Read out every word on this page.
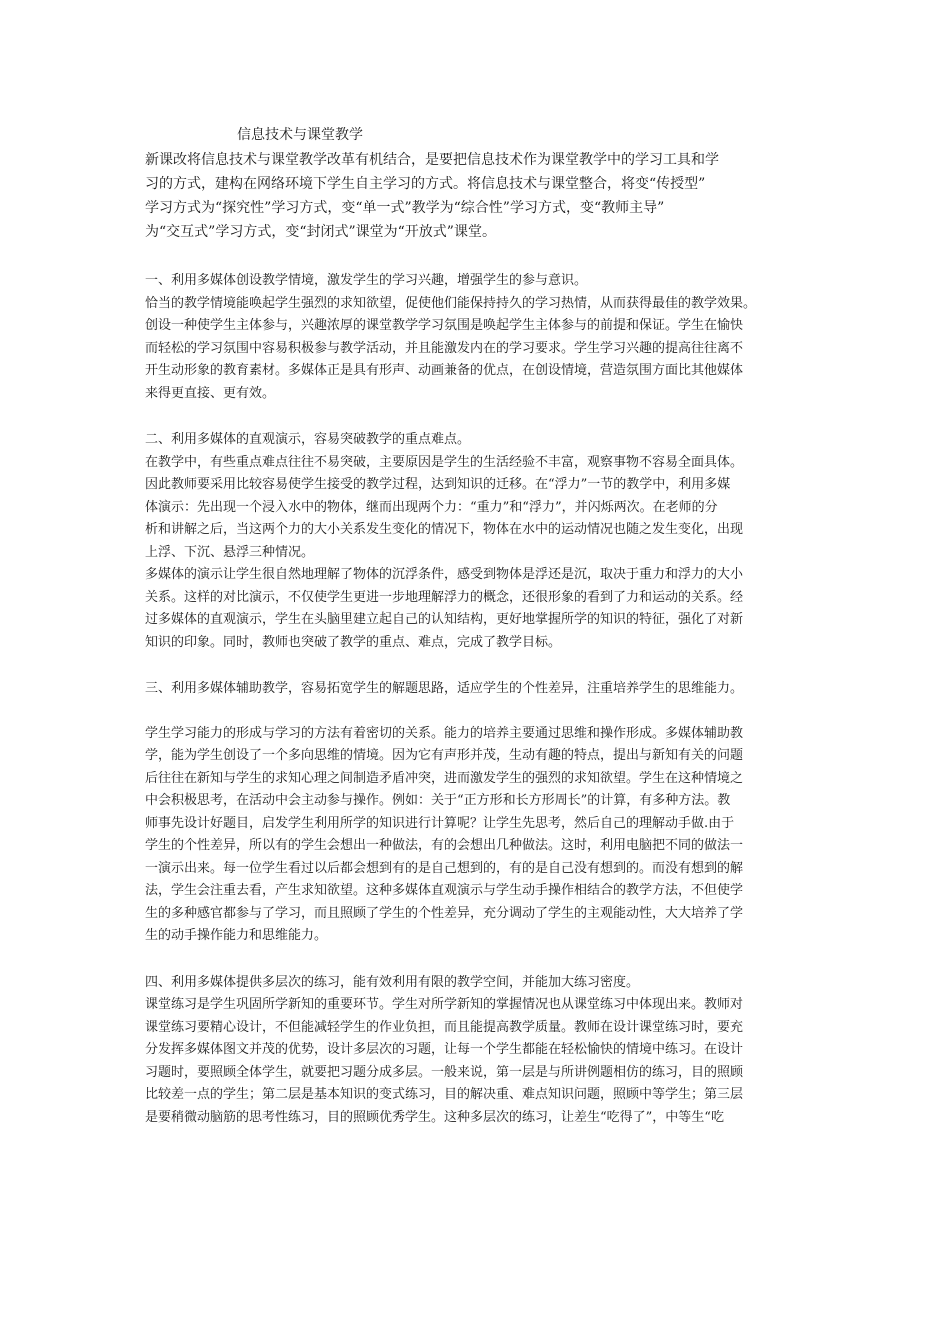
信息技术与课堂教学

新课改将信息技术与课堂教学改革有机结合，是要把信息技术作为课堂教学中的学习工具和学
习的方式，建构在网络环境下学生自主学习的方式。将信息技术与课堂整合，将变“传授型”
学习方式为“探究性”学习方式，变“单一式”教学为“综合性”学习方式，变“教师主导”
为“交互式”学习方式，变“封闭式”课堂为“开放式”课堂。

一、利用多媒体创设教学情境，激发学生的学习兴趣，增强学生的参与意识。

恰当的教学情境能唤起学生强烈的求知欲望，促使他们能保持持久的学习热情，从而获得最佳的教学效果。
创设一种使学生主体参与，兴趣浓厚的课堂教学学习氛围是唤起学生主体参与的前提和保证。学生在愉快
而轻松的学习氛围中容易积极参与教学活动，并且能激发内在的学习要求。学生学习兴趣的提高往往离不
开生动形象的教育素材。多媒体正是具有形声、动画兼备的优点，在创设情境，营造氛围方面比其他媒体
来得更直接、更有效。

二、利用多媒体的直观演示，容易突破教学的重点难点。

在教学中，有些重点难点往往不易突破，主要原因是学生的生活经验不丰富，观察事物不容易全面具体。
因此教师要采用比较容易使学生接受的教学过程，达到知识的迁移。在“浮力”一节的教学中，利用多媒
体演示：先出现一个浸入水中的物体，继而出现两个力：“重力”和“浮力”，并闪烁两次。在老师的分
析和讲解之后，当这两个力的大小关系发生变化的情况下，物体在水中的运动情况也随之发生变化，出现
上浮、下沉、悬浮三种情况。
多媒体的演示让学生很自然地理解了物体的沉浮条件，感受到物体是浮还是沉，取决于重力和浮力的大小
关系。这样的对比演示，不仅使学生更进一步地理解浮力的概念，还很形象的看到了力和运动的关系。经
过多媒体的直观演示，学生在头脑里建立起自己的认知结构，更好地掌握所学的知识的特征，强化了对新
知识的印象。同时，教师也突破了教学的重点、难点，完成了教学目标。

三、利用多媒体辅助教学，容易拓宽学生的解题思路，适应学生的个性差异，注重培养学生的思维能力。

学生学习能力的形成与学习的方法有着密切的关系。能力的培养主要通过思维和操作形成。多媒体辅助教
学，能为学生创设了一个多向思维的情境。因为它有声形并茂，生动有趣的特点，提出与新知有关的问题
后往往在新知与学生的求知心理之间制造矛盾冲突，进而激发学生的强烈的求知欲望。学生在这种情境之
中会积极思考，在活动中会主动参与操作。例如：关于“正方形和长方形周长”的计算，有多种方法。教
师事先设计好题目，启发学生利用所学的知识进行计算呢？让学生先思考，然后自己的理解动手做.由于
学生的个性差异，所以有的学生会想出一种做法，有的会想出几种做法。这时，利用电脑把不同的做法一
一演示出来。每一位学生看过以后都会想到有的是自己想到的，有的是自己没有想到的。而没有想到的解
法，学生会注重去看，产生求知欲望。这种多媒体直观演示与学生动手操作相结合的教学方法，不但使学
生的多种感官都参与了学习，而且照顾了学生的个性差异，充分调动了学生的主观能动性，大大培养了学
生的动手操作能力和思维能力。

四、利用多媒体提供多层次的练习，能有效利用有限的教学空间，并能加大练习密度。

课堂练习是学生巩固所学新知的重要环节。学生对所学新知的掌握情况也从课堂练习中体现出来。教师对
课堂练习要精心设计，不但能减轻学生的作业负担，而且能提高教学质量。教师在设计课堂练习时，要充
分发挥多媒体图文并茂的优势，设计多层次的习题，让每一个学生都能在轻松愉快的情境中练习。在设计
习题时，要照顾全体学生，就要把习题分成多层。一般来说，第一层是与所讲例题相仿的练习，目的照顾
比较差一点的学生；第二层是基本知识的变式练习，目的解决重、难点知识问题，照顾中等学生；第三层
是要稍微动脑筋的思考性练习，目的照顾优秀学生。这种多层次的练习，让差生“吃得了”，中等生“吃
